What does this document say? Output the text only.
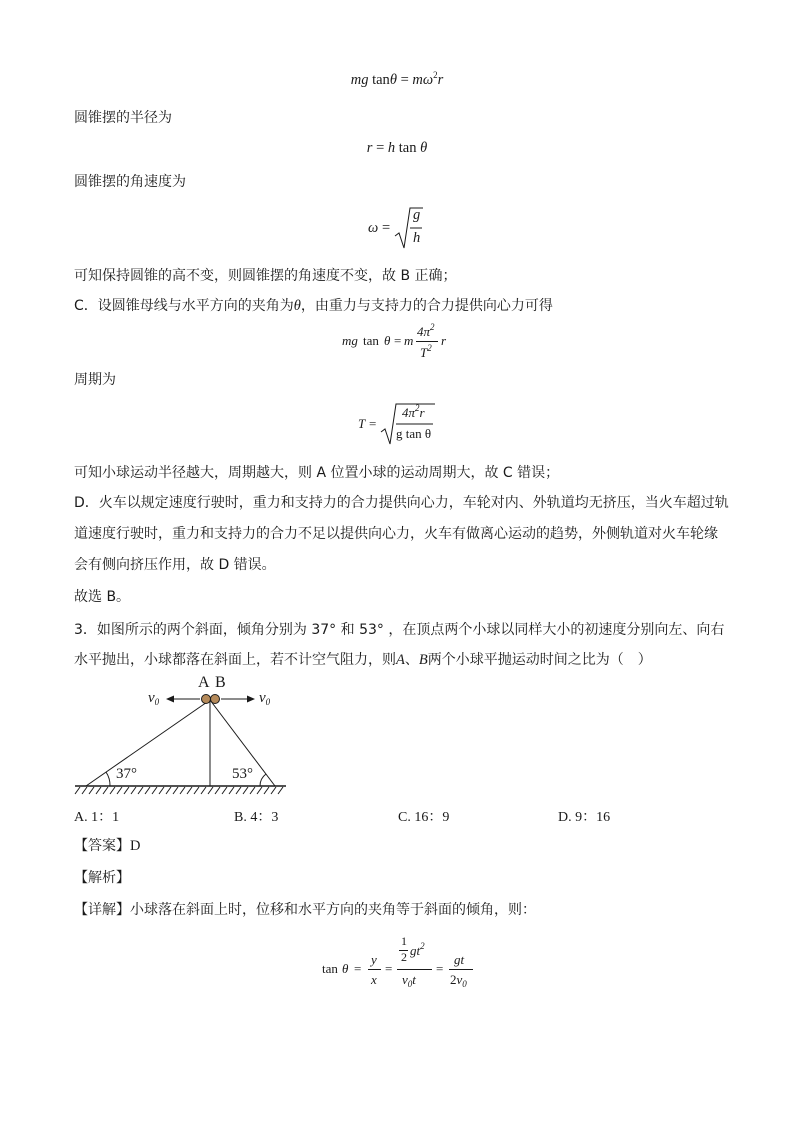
mg $\tan\theta = m\omega^2r$
圆锥摆的半径为
r = h tan θ
圆锥摆的角速度为
ω =
g
h
可知保持圆锥的高不变，则圆锥摆的角速度不变，故 B 正确；
C．设圆锥母线与水平方向的夹角为θ，由重力与支持力的合力提供向心力可得
mg tan θ = m
$4\pi^2$
$T^2$ r
周期为
T =
$4\pi^2r$
g tan θ
可知小球运动半径越大，周期越大，则 A 位置小球的运动周期大，故 C 错误；
D．火车以规定速度行驶时，重力和支持力的合力提供向心力，车轮对内、外轨道均无挤压，当火车超过轨
道速度行驶时，重力和支持力的合力不足以提供向心力，火车有做离心运动的趋势，外侧轨道对火车轮缘
会有侧向挤压作用，故 D 错误。
故选 B。
3．如图所示的两个斜面，倾角分别为 37° 和 53° ，在顶点两个小球以同样大小的初速度分别向左、向右
水平抛出，小球都落在斜面上，若不计空气阻力，则A、B两个小球平抛运动时间之比为（　）
A B
$v_0$	$v_0$
37°	53°
A. 1：1	B. 4：3	C. 16：9	D. 9：16
【答案】D
【解析】
【详解】小球落在斜面上时，位移和水平方向的夹角等于斜面的倾角，则：
tan θ =
y
x
=
1
2 $gt^2$
$v_0t$
=
gt
$2v_0$
